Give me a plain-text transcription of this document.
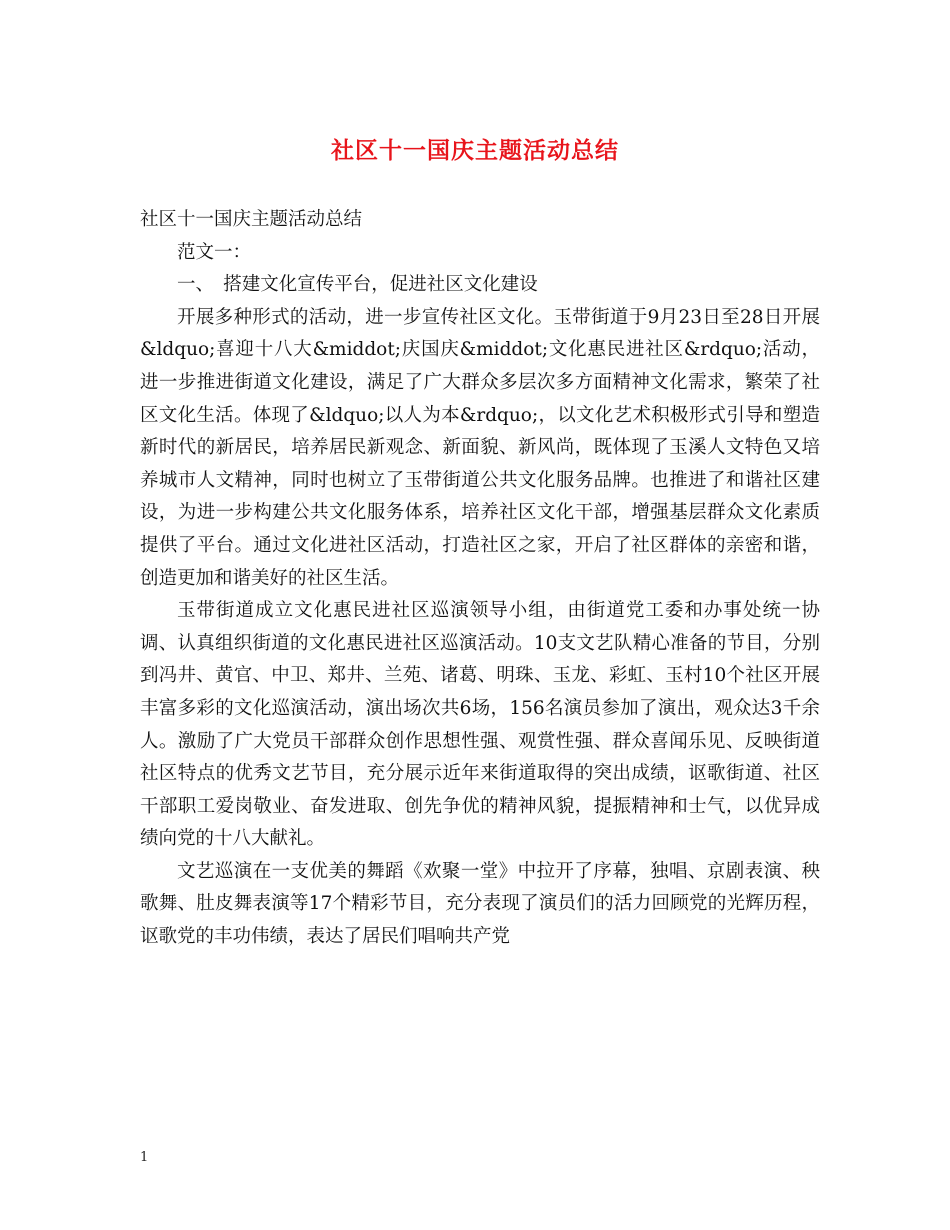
社区十一国庆主题活动总结

社区十一国庆主题活动总结

范文一：

一、　搭建文化宣传平台，促进社区文化建设

开展多种形式的活动，进一步宣传社区文化。玉带街道于9月23日至28日开展&ldquo;喜迎十八大&middot;庆国庆&middot;文化惠民进社区&rdquo;活动，进一步推进街道文化建设，满足了广大群众多层次多方面精神文化需求，繁荣了社区文化生活。体现了&ldquo;以人为本&rdquo;，以文化艺术积极形式引导和塑造新时代的新居民，培养居民新观念、新面貌、新风尚，既体现了玉溪人文特色又培养城市人文精神，同时也树立了玉带街道公共文化服务品牌。也推进了和谐社区建设，为进一步构建公共文化服务体系，培养社区文化干部，增强基层群众文化素质提供了平台。通过文化进社区活动，打造社区之家，开启了社区群体的亲密和谐，创造更加和谐美好的社区生活。

玉带街道成立文化惠民进社区巡演领导小组，由街道党工委和办事处统一协调、认真组织街道的文化惠民进社区巡演活动。10支文艺队精心准备的节目，分别到冯井、黄官、中卫、郑井、兰苑、诸葛、明珠、玉龙、彩虹、玉村10个社区开展丰富多彩的文化巡演活动，演出场次共6场，156名演员参加了演出，观众达3千余人。激励了广大党员干部群众创作思想性强、观赏性强、群众喜闻乐见、反映街道社区特点的优秀文艺节目，充分展示近年来街道取得的突出成绩，讴歌街道、社区干部职工爱岗敬业、奋发进取、创先争优的精神风貌，提振精神和士气，以优异成绩向党的十八大献礼。

文艺巡演在一支优美的舞蹈《欢聚一堂》中拉开了序幕，独唱、京剧表演、秧歌舞、肚皮舞表演等17个精彩节目，充分表现了演员们的活力回顾党的光辉历程，讴歌党的丰功伟绩，表达了居民们唱响共产党

1
